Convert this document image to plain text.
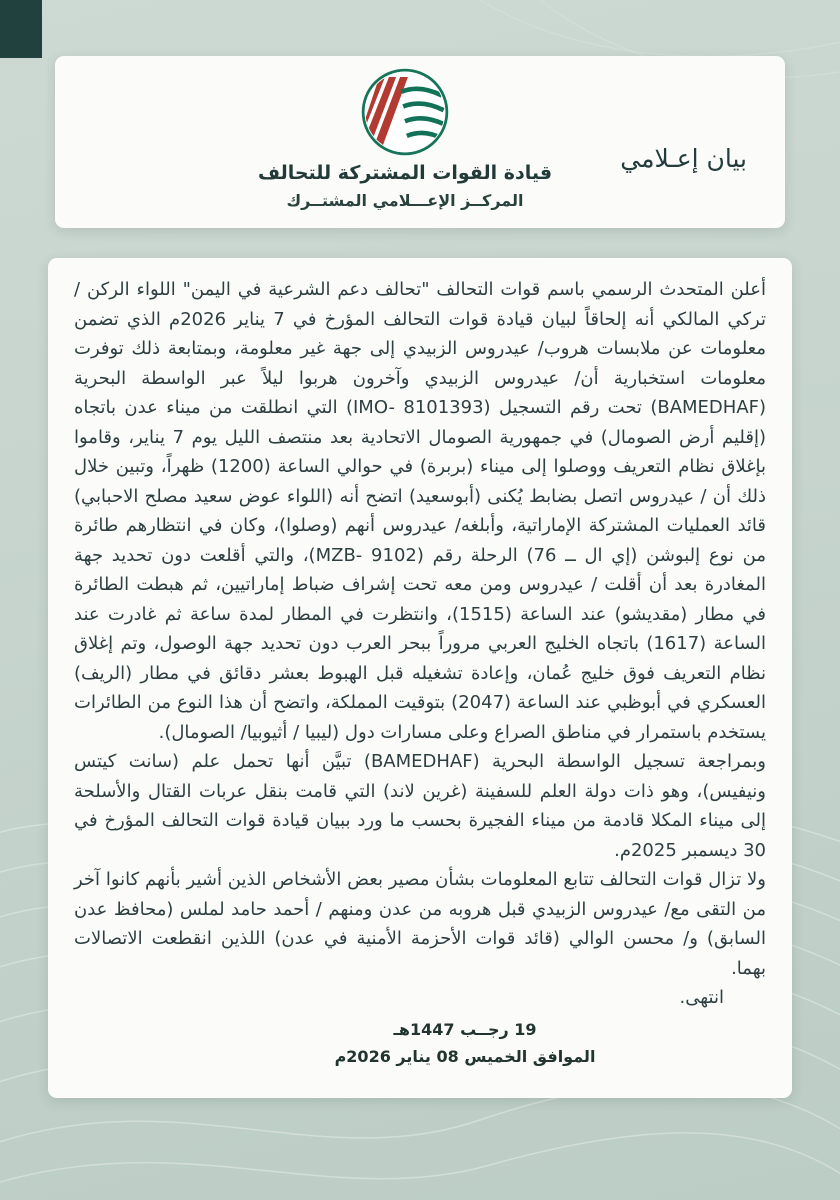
قيادة القوات المشتركة للتحالف
المركــز الإعـــلامي المشتــرك
بيان إعـلامي

أعلن المتحدث الرسمي باسم قوات التحالف "تحالف دعم الشرعية في اليمن" اللواء الركن / تركي المالكي أنه إلحاقاً لبيان قيادة قوات التحالف المؤرخ في 7 يناير 2026م الذي تضمن معلومات عن ملابسات هروب/ عيدروس الزبيدي إلى جهة غير معلومة، وبمتابعة ذلك توفرت معلومات استخبارية أن/ عيدروس الزبيدي وآخرون هربوا ليلاً عبر الواسطة البحرية (BAMEDHAF) تحت رقم التسجيل (IMO- 8101393) التي انطلقت من ميناء عدن باتجاه (إقليم أرض الصومال) في جمهورية الصومال الاتحادية بعد منتصف الليل يوم 7 يناير، وقاموا بإغلاق نظام التعريف ووصلوا إلى ميناء (بربرة) في حوالي الساعة (1200) ظهراً، وتبين خلال ذلك أن / عيدروس اتصل بضابط يُكنى (أبوسعيد) اتضح أنه (اللواء عوض سعيد مصلح الاحبابي) قائد العمليات المشتركة الإماراتية، وأبلغه/ عيدروس أنهم (وصلوا)، وكان في انتظارهم طائرة من نوع إلبوشن (إي ال ــ 76) الرحلة رقم (MZB- 9102)، والتي أقلعت دون تحديد جهة المغادرة بعد أن أقلت / عيدروس ومن معه تحت إشراف ضباط إماراتيين، ثم هبطت الطائرة في مطار (مقديشو) عند الساعة (1515)، وانتظرت في المطار لمدة ساعة ثم غادرت عند الساعة (1617) باتجاه الخليج العربي مروراً ببحر العرب دون تحديد جهة الوصول، وتم إغلاق نظام التعريف فوق خليج عُمان، وإعادة تشغيله قبل الهبوط بعشر دقائق في مطار (الريف) العسكري في أبوظبي عند الساعة (2047) بتوقيت المملكة، واتضح أن هذا النوع من الطائرات يستخدم باستمرار في مناطق الصراع وعلى مسارات دول (ليبيا / أثيوبيا/ الصومال).

وبمراجعة تسجيل الواسطة البحرية (BAMEDHAF) تبيَّن أنها تحمل علم (سانت كيتس ونيفيس)، وهو ذات دولة العلم للسفينة (غرين لاند) التي قامت بنقل عربات القتال والأسلحة إلى ميناء المكلا قادمة من ميناء الفجيرة بحسب ما ورد ببيان قيادة قوات التحالف المؤرخ في 30 ديسمبر 2025م.

ولا تزال قوات التحالف تتابع المعلومات بشأن مصير بعض الأشخاص الذين أشير بأنهم كانوا آخر من التقى مع/ عيدروس الزبيدي قبل هروبه من عدن ومنهم / أحمد حامد لملس (محافظ عدن السابق) و/ محسن الوالي (قائد قوات الأحزمة الأمنية في عدن) اللذين انقطعت الاتصالات بهما.

انتهى.

19 رجــب 1447هـ
الموافق الخميس 08 يناير 2026م
